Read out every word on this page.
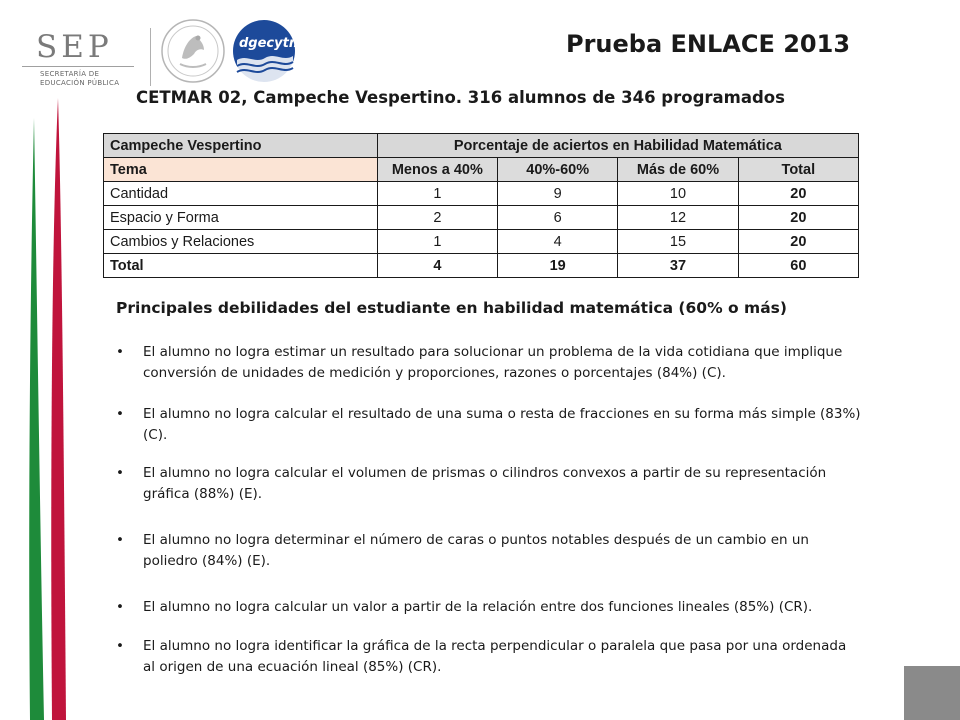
SEP
SECRETARÍA DE
EDUCACIÓN PÚBLICA
dgecytm	Prueba ENLACE 2013
CETMAR 02, Campeche Vespertino. 316 alumnos de 346 programados
Campeche Vespertino	Porcentaje de aciertos en Habilidad Matemática			
Tema	Menos a 40%	40%-60%	Más de 60%	Total
Cantidad	1	9	10	20
Espacio y Forma	2	6	12	20
Cambios y Relaciones	1	4	15	20
Total	4	19	37	60
Principales debilidades del estudiante en habilidad matemática (60% o más)
• El alumno no logra estimar un resultado para solucionar un problema de la vida cotidiana que implique
conversión de unidades de medición y proporciones, razones o porcentajes (84%) (C).
• El alumno no logra calcular el resultado de una suma o resta de fracciones en su forma más simple (83%)
(C).
• El alumno no logra calcular el volumen de prismas o cilindros convexos a partir de su representación
gráfica (88%) (E).
• El alumno no logra determinar el número de caras o puntos notables después de un cambio en un
poliedro (84%) (E).
• El alumno no logra calcular un valor a partir de la relación entre dos funciones lineales (85%) (CR).
• El alumno no logra identificar la gráfica de la recta perpendicular o paralela que pasa por una ordenada
al origen de una ecuación lineal (85%) (CR).
